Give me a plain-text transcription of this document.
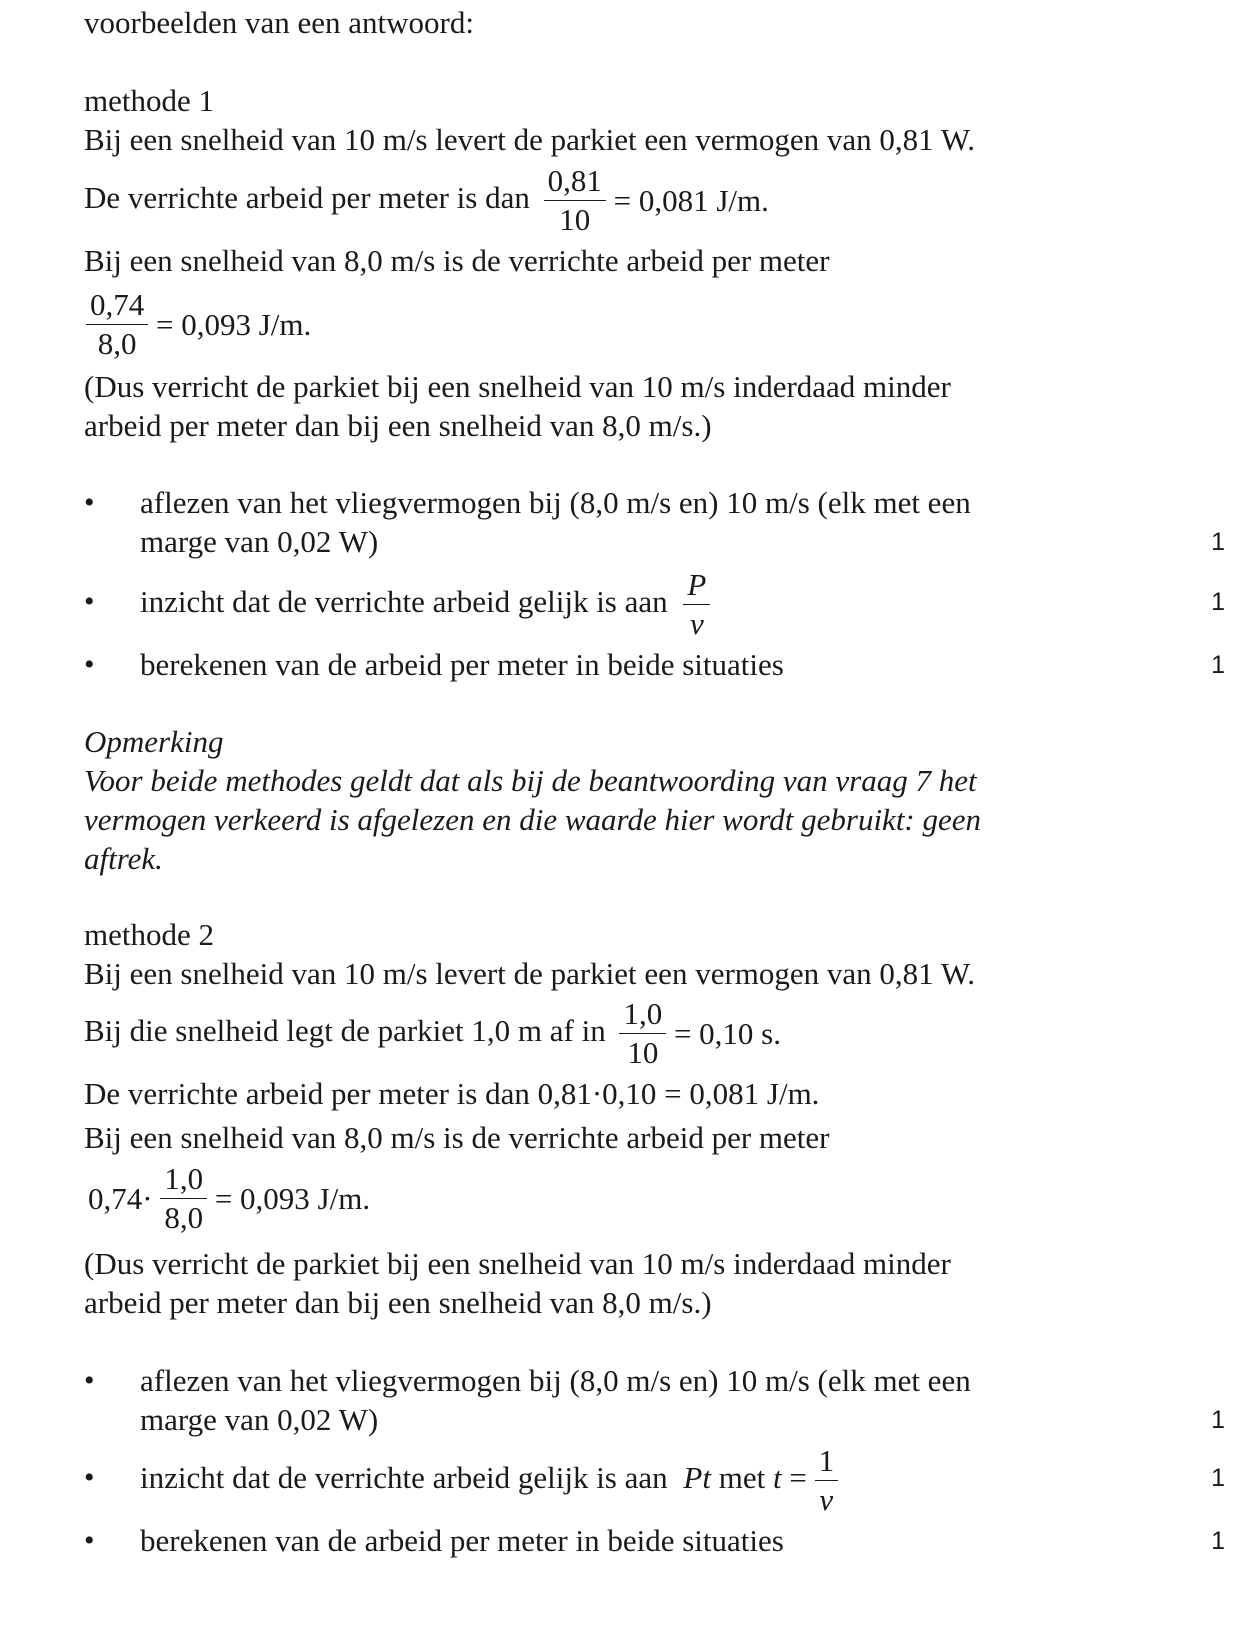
voorbeelden van een antwoord:
methode 1
Bij een snelheid van 10 m/s levert de parkiet een vermogen van 0,81 W.
De verrichte arbeid per meter is dan $\frac{0,81}{10} = 0,081$ J/m.
Bij een snelheid van 8,0 m/s is de verrichte arbeid per meter
$\frac{0,74}{8,0} = 0,093$ J/m.
(Dus verricht de parkiet bij een snelheid van 10 m/s inderdaad minder
arbeid per meter dan bij een snelheid van 8,0 m/s.)
• aflezen van het vliegvermogen bij (8,0 m/s en) 10 m/s (elk met een
marge van 0,02 W)	1
• inzicht dat de verrichte arbeid gelijk is aan $\frac{P}{v}$	1
• berekenen van de arbeid per meter in beide situaties	1
Opmerking
Voor beide methodes geldt dat als bij de beantwoording van vraag 7 het
vermogen verkeerd is afgelezen en die waarde hier wordt gebruikt: geen
aftrek.
methode 2
Bij een snelheid van 10 m/s levert de parkiet een vermogen van 0,81 W.
Bij die snelheid legt de parkiet 1,0 m af in $\frac{1,0}{10} = 0,10$ s.
De verrichte arbeid per meter is dan 0,81·0,10 = 0,081 J/m.
Bij een snelheid van 8,0 m/s is de verrichte arbeid per meter
$0,74\cdot \frac{1,0}{8,0} = 0,093$ J/m.
(Dus verricht de parkiet bij een snelheid van 10 m/s inderdaad minder
arbeid per meter dan bij een snelheid van 8,0 m/s.)
• aflezen van het vliegvermogen bij (8,0 m/s en) 10 m/s (elk met een
marge van 0,02 W)	1
• inzicht dat de verrichte arbeid gelijk is aan Pt met $t = \frac{1}{v}$	1
• berekenen van de arbeid per meter in beide situaties	1
